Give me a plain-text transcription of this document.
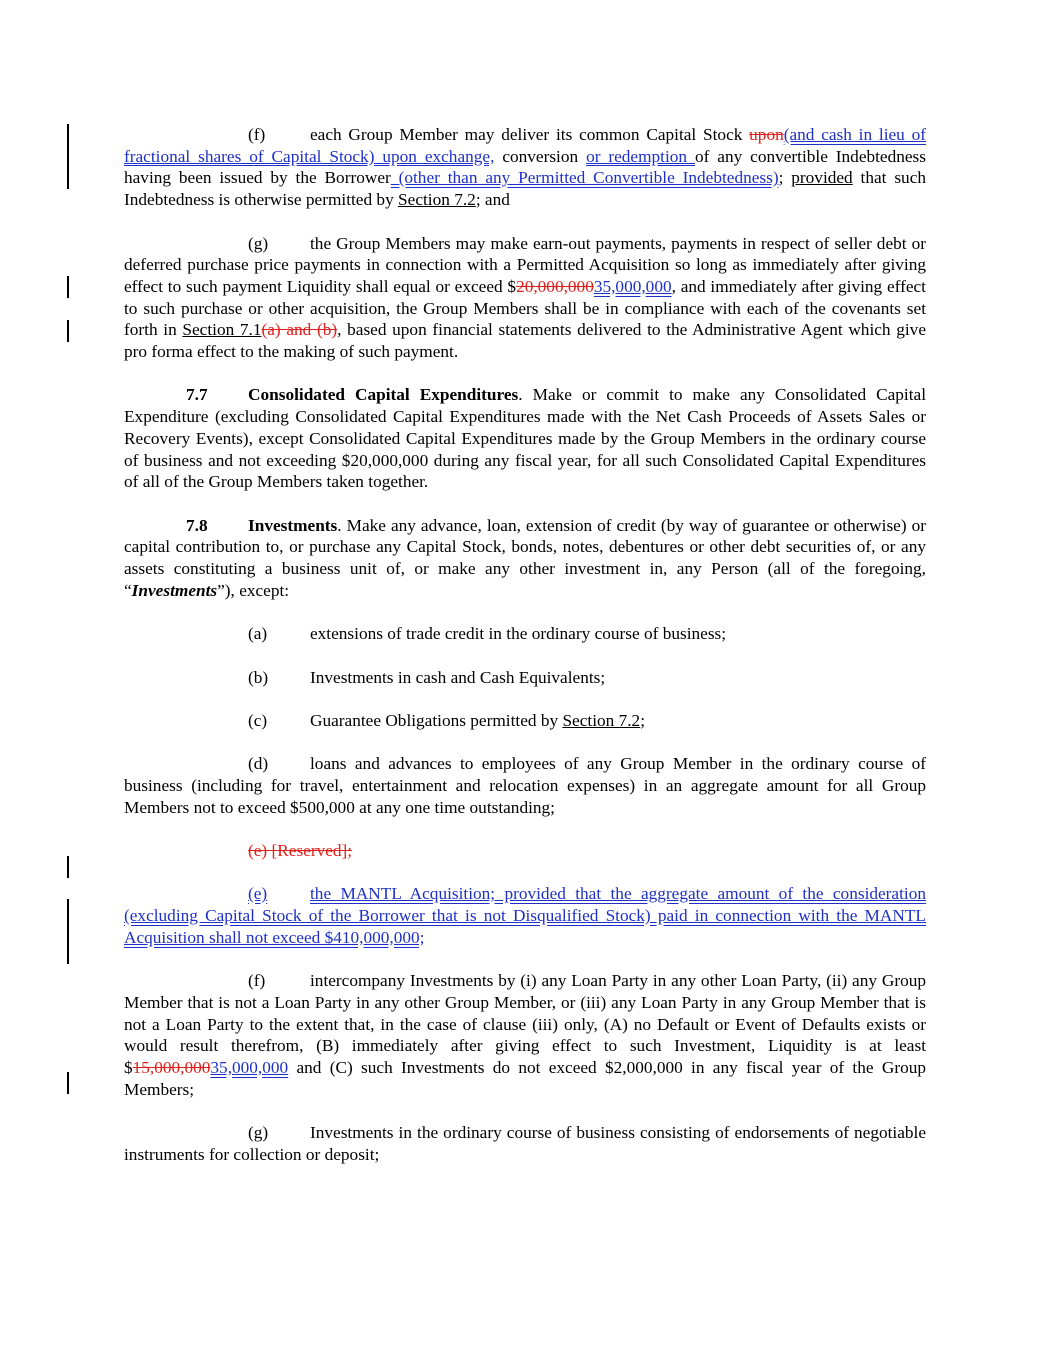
(f)	each Group Member may deliver its common Capital Stock upon(and cash in lieu of fractional shares of Capital Stock) upon exchange, conversion or redemption of any convertible Indebtedness having been issued by the Borrower (other than any Permitted Convertible Indebtedness); provided that such Indebtedness is otherwise permitted by Section 7.2; and

(g) the Group Members may make earn-out payments, payments in respect of seller debt or deferred purchase price payments in connection with a Permitted Acquisition so long as immediately after giving effect to such payment Liquidity shall equal or exceed $20,000,00035,000,000, and immediately after giving effect to such purchase or other acquisition, the Group Members shall be in compliance with each of the covenants set forth in Section 7.1(a) and (b), based upon financial statements delivered to the Administrative Agent which give pro forma effect to the making of such payment.

7.7 Consolidated Capital Expenditures. Make or commit to make any Consolidated Capital Expenditure (excluding Consolidated Capital Expenditures made with the Net Cash Proceeds of Assets Sales or Recovery Events), except Consolidated Capital Expenditures made by the Group Members in the ordinary course of business and not exceeding $20,000,000 during any fiscal year, for all such Consolidated Capital Expenditures of all of the Group Members taken together.

7.8 Investments. Make any advance, loan, extension of credit (by way of guarantee or otherwise) or capital contribution to, or purchase any Capital Stock, bonds, notes, debentures or other debt securities of, or any assets constituting a business unit of, or make any other investment in, any Person (all of the foregoing, “Investments”), except:

(a) extensions of trade credit in the ordinary course of business;

(b) Investments in cash and Cash Equivalents;

(c) Guarantee Obligations permitted by Section 7.2;

(d) loans and advances to employees of any Group Member in the ordinary course of business (including for travel, entertainment and relocation expenses) in an aggregate amount for all Group Members not to exceed $500,000 at any one time outstanding;

(e) [Reserved];

(e) the MANTL Acquisition; provided that the aggregate amount of the consideration (excluding Capital Stock of the Borrower that is not Disqualified Stock) paid in connection with the MANTL Acquisition shall not exceed $410,000,000;

(f)	intercompany Investments by (i) any Loan Party in any other Loan Party, (ii) any Group Member that is not a Loan Party in any other Group Member, or (iii) any Loan Party in any Group Member that is not a Loan Party to the extent that, in the case of clause (iii) only, (A) no Default or Event of Defaults exists or would result therefrom, (B) immediately after giving effect to such Investment, Liquidity is at least $15,000,00035,000,000 and (C) such Investments do not exceed $2,000,000 in any fiscal year of the Group Members;

(g) Investments in the ordinary course of business consisting of endorsements of negotiable instruments for collection or deposit;
